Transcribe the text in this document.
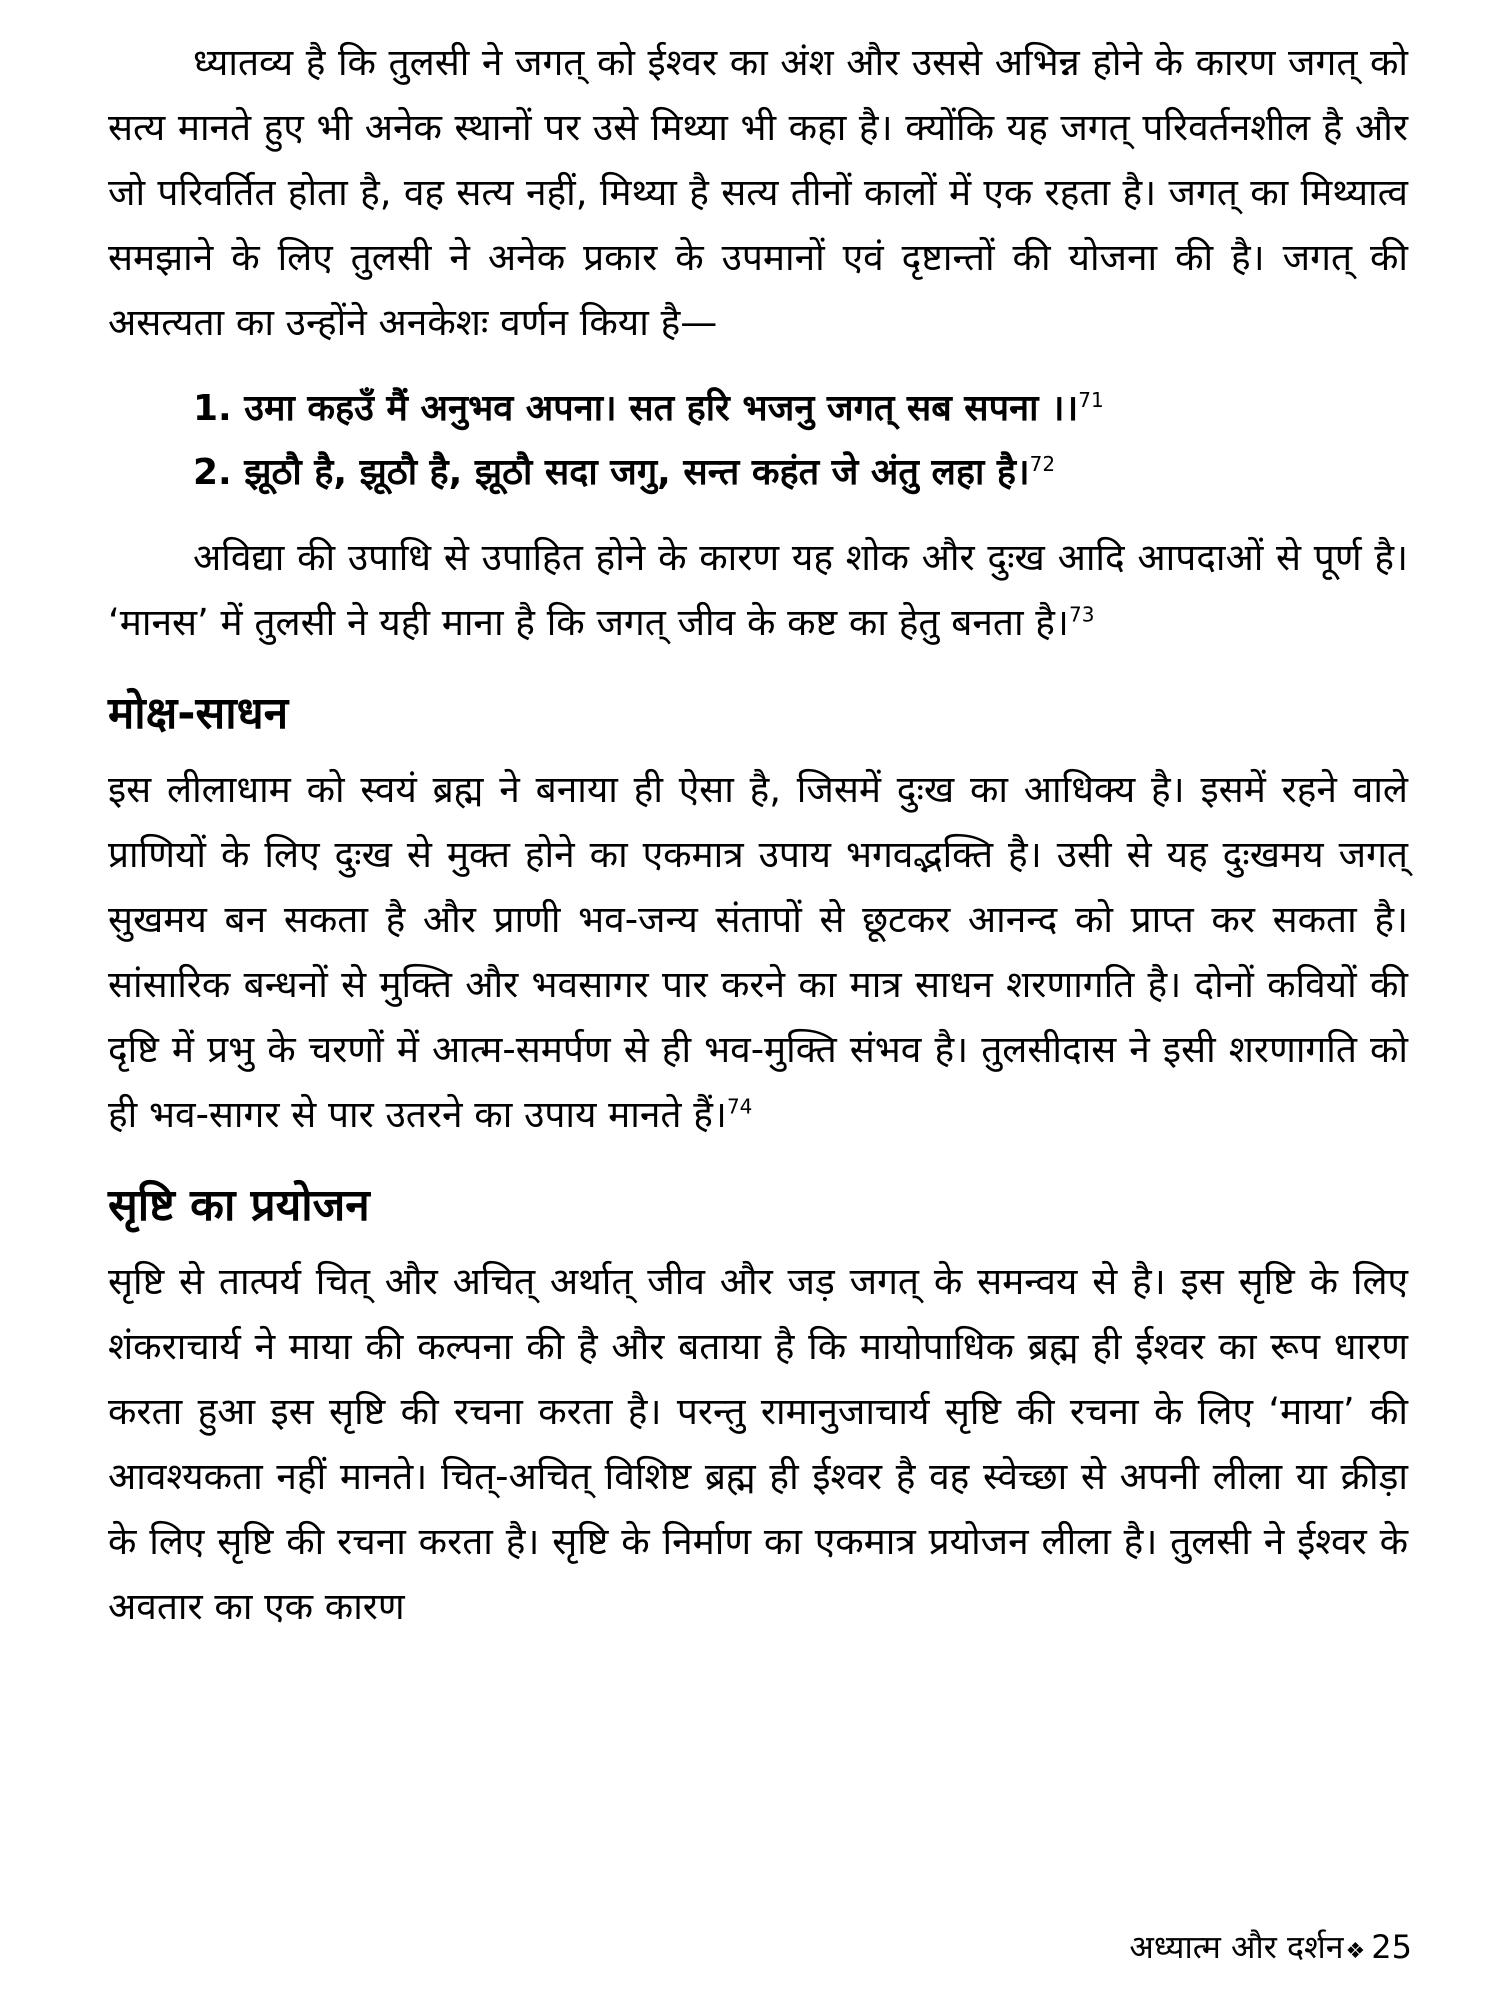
ध्यातव्य है कि तुलसी ने जगत् को ईश्वर का अंश और उससे अभिन्न होने के कारण जगत् को सत्य मानते हुए भी अनेक स्थानों पर उसे मिथ्या भी कहा है। क्योंकि यह जगत् परिवर्तनशील है और जो परिवर्तित होता है, वह सत्य नहीं, मिथ्या है सत्य तीनों कालों में एक रहता है। जगत् का मिथ्यात्व समझाने के लिए तुलसी ने अनेक प्रकार के उपमानों एवं दृष्टान्तों की योजना की है। जगत् की असत्यता का उन्होंने अनकेशः वर्णन किया है—

1. उमा कहउँ मैं अनुभव अपना। सत हरि भजनु जगत् सब सपना ।।$^{71}$
2. झूठौ है, झूठौ है, झूठौ सदा जगु, सन्त कहंत जे अंतु लहा है।$^{72}$

अविद्या की उपाधि से उपाहित होने के कारण यह शोक और दुःख आदि आपदाओं से पूर्ण है। ‘मानस’ में तुलसी ने यही माना है कि जगत् जीव के कष्ट का हेतु बनता है।$^{73}$

मोक्ष-साधन

इस लीलाधाम को स्वयं ब्रह्म ने बनाया ही ऐसा है, जिसमें दुःख का आधिक्य है। इसमें रहने वाले प्राणियों के लिए दुःख से मुक्त होने का एकमात्र उपाय भगवद्भक्ति है। उसी से यह दुःखमय जगत् सुखमय बन सकता है और प्राणी भव-जन्य संतापों से छूटकर आनन्द को प्राप्त कर सकता है। सांसारिक बन्धनों से मुक्ति और भवसागर पार करने का मात्र साधन शरणागति है। दोनों कवियों की दृष्टि में प्रभु के चरणों में आत्म-समर्पण से ही भव-मुक्ति संभव है। तुलसीदास ने इसी शरणागति को ही भव-सागर से पार उतरने का उपाय मानते हैं।$^{74}$

सृष्टि का प्रयोजन

सृष्टि से तात्पर्य चित् और अचित् अर्थात् जीव और जड़ जगत् के समन्वय से है। इस सृष्टि के लिए शंकराचार्य ने माया की कल्पना की है और बताया है कि मायोपाधिक ब्रह्म ही ईश्वर का रूप धारण करता हुआ इस सृष्टि की रचना करता है। परन्तु रामानुजाचार्य सृष्टि की रचना के लिए ‘माया’ की आवश्यकता नहीं मानते। चित्-अचित् विशिष्ट ब्रह्म ही ईश्वर है वह स्वेच्छा से अपनी लीला या क्रीड़ा के लिए सृष्टि की रचना करता है। सृष्टि के निर्माण का एकमात्र प्रयोजन लीला है। तुलसी ने ईश्वर के अवतार का एक कारण

अध्यात्म और दर्शन❖ 25
